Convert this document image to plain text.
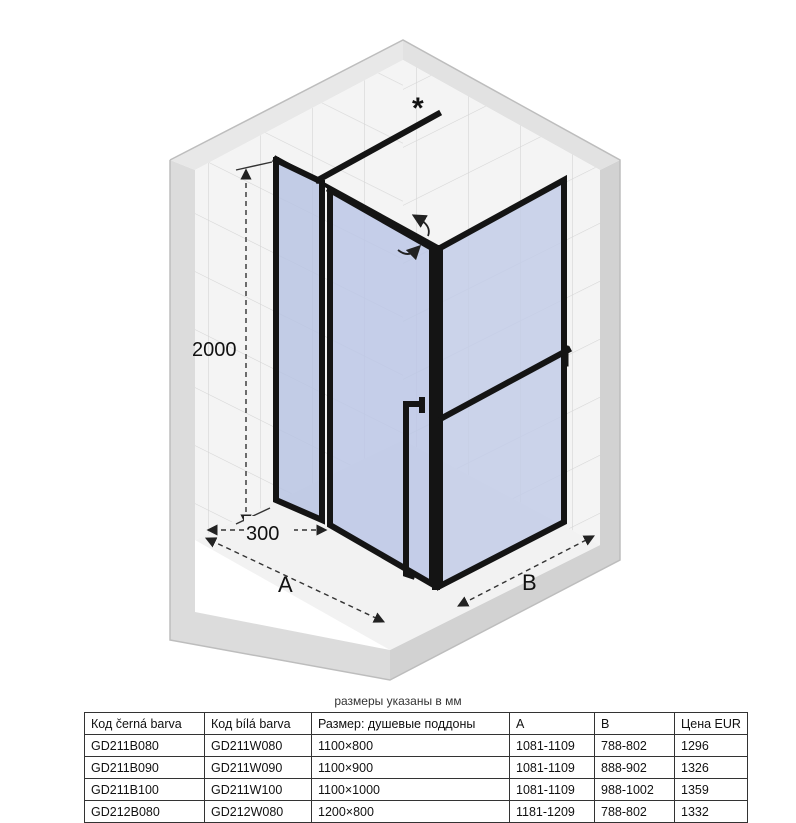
2000
300
A	B
*
размеры указаны в мм
Код černá barva	Код bílá barva	Размер: душевые поддоны	A	B	Цена EUR
GD211B080	GD211W080	1100×800	1081-1109	788-802	1296
GD211B090	GD211W090	1100×900	1081-1109	888-902	1326
GD211B100	GD211W100	1100×1000	1081-1109	988-1002	1359
GD212B080	GD212W080	1200×800	1181-1209	788-802	1332
